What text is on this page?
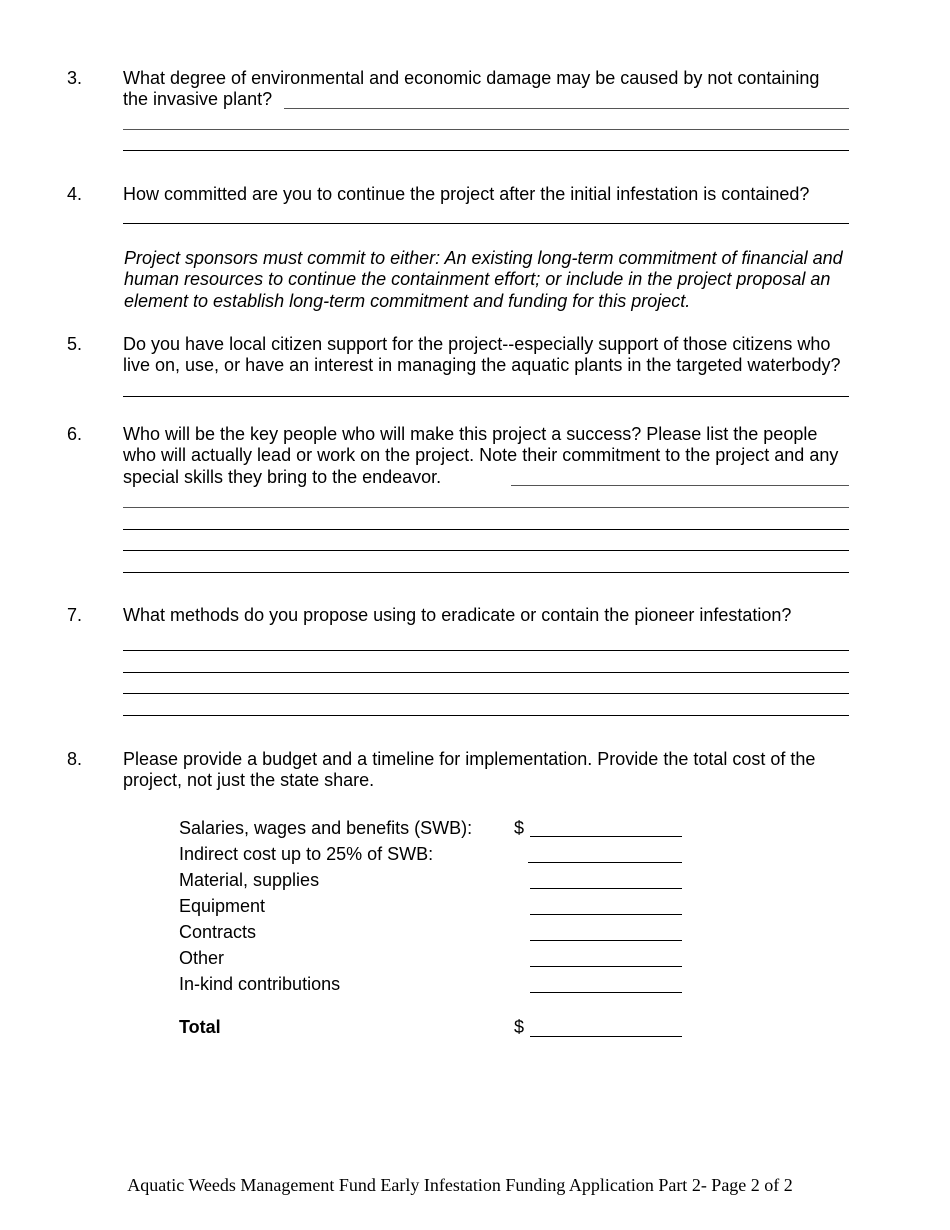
3. What degree of environmental and economic damage may be caused by not containing
the invasive plant?
4. How committed are you to continue the project after the initial infestation is contained?
Project sponsors must commit to either: An existing long-term commitment of financial and
human resources to continue the containment effort; or include in the project proposal an
element to establish long-term commitment and funding for this project.
5. Do you have local citizen support for the project--especially support of those citizens who
live on, use, or have an interest in managing the aquatic plants in the targeted waterbody?
6. Who will be the key people who will make this project a success? Please list the people
who will actually lead or work on the project. Note their commitment to the project and any
special skills they bring to the endeavor.
7. What methods do you propose using to eradicate or contain the pioneer infestation?
8. Please provide a budget and a timeline for implementation. Provide the total cost of the
project, not just the state share.
Salaries, wages and benefits (SWB): $
Indirect cost up to 25% of SWB:
Material, supplies
Equipment
Contracts
Other
In-kind contributions
Total	$
Aquatic Weeds Management Fund Early Infestation Funding Application Part 2- Page 2 of 2
